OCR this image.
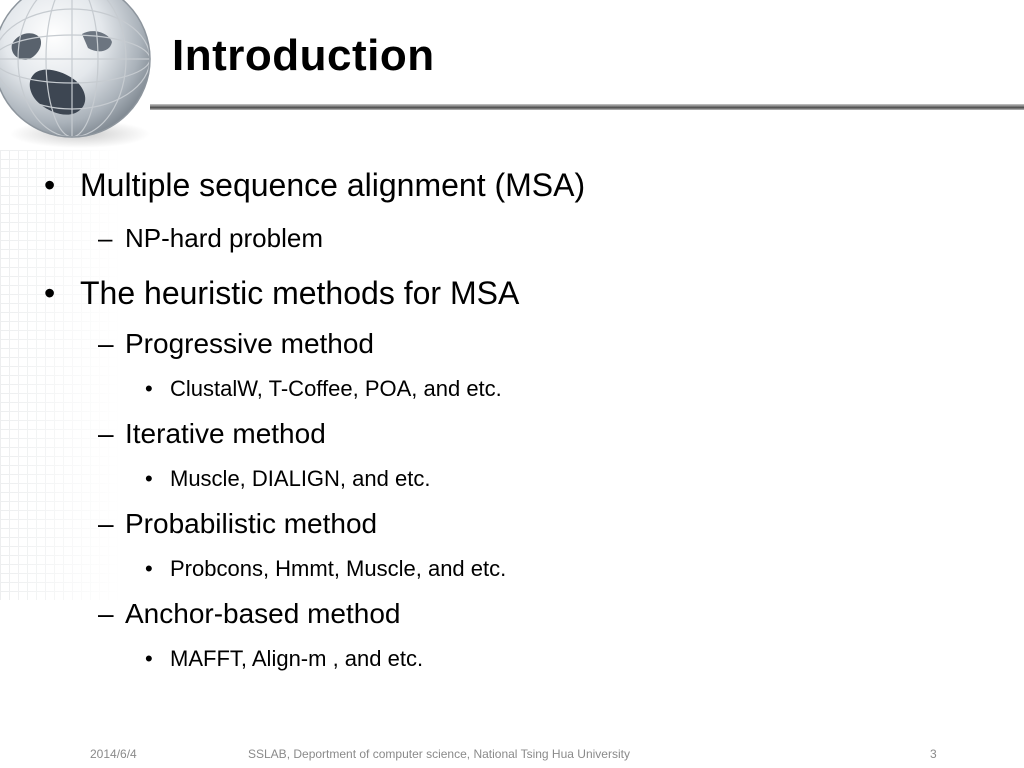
Introduction
• Multiple sequence alignment (MSA)
– NP-hard problem
• The heuristic methods for MSA
– Progressive method
• ClustalW, T-Coffee, POA, and etc.
– Iterative method
• Muscle, DIALIGN, and etc.
– Probabilistic method
• Probcons, Hmmt, Muscle, and etc.
– Anchor-based method
• MAFFT, Align-m , and etc.
2014/6/4	SSLAB, Deportment of computer science, National Tsing Hua University	3
